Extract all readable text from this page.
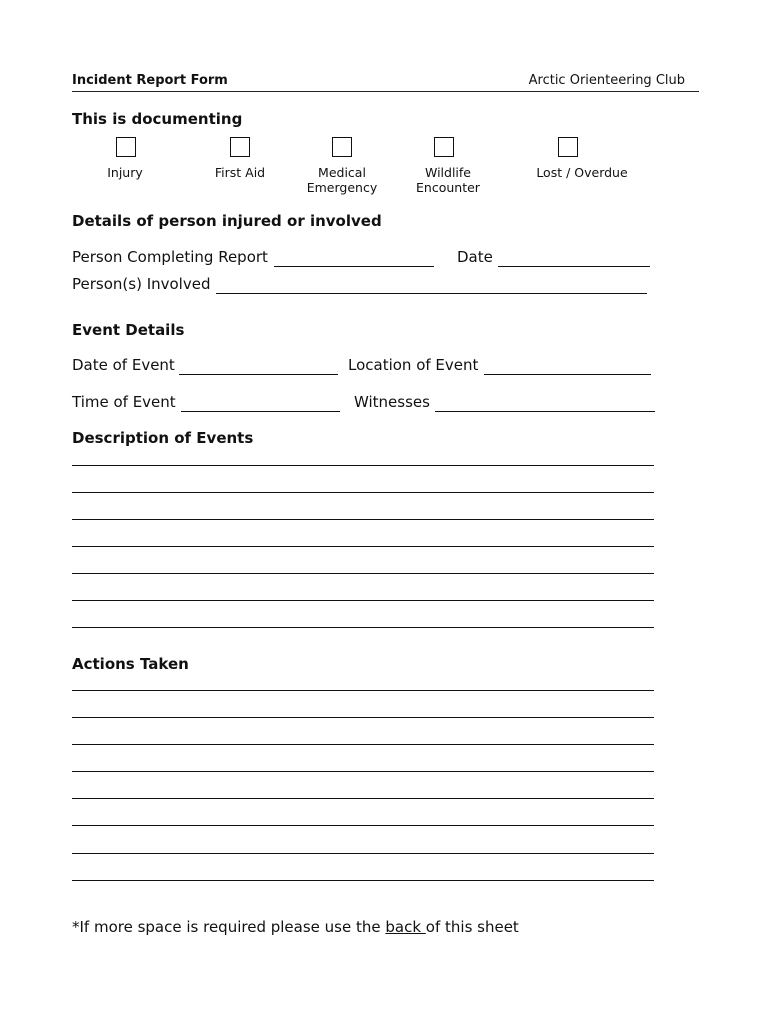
Incident Report Form	Arctic Orienteering Club
This is documenting
Injury	First Aid	Medical
Emergency
Wildlife
Encounter
Lost / Overdue
Details of person injured or involved
Person Completing Report	Date
Person(s) Involved
Event Details
Date of Event	Location of Event
Time of Event	Witnesses
Description of Events
Actions Taken
*If more space is required please use the back of this sheet
